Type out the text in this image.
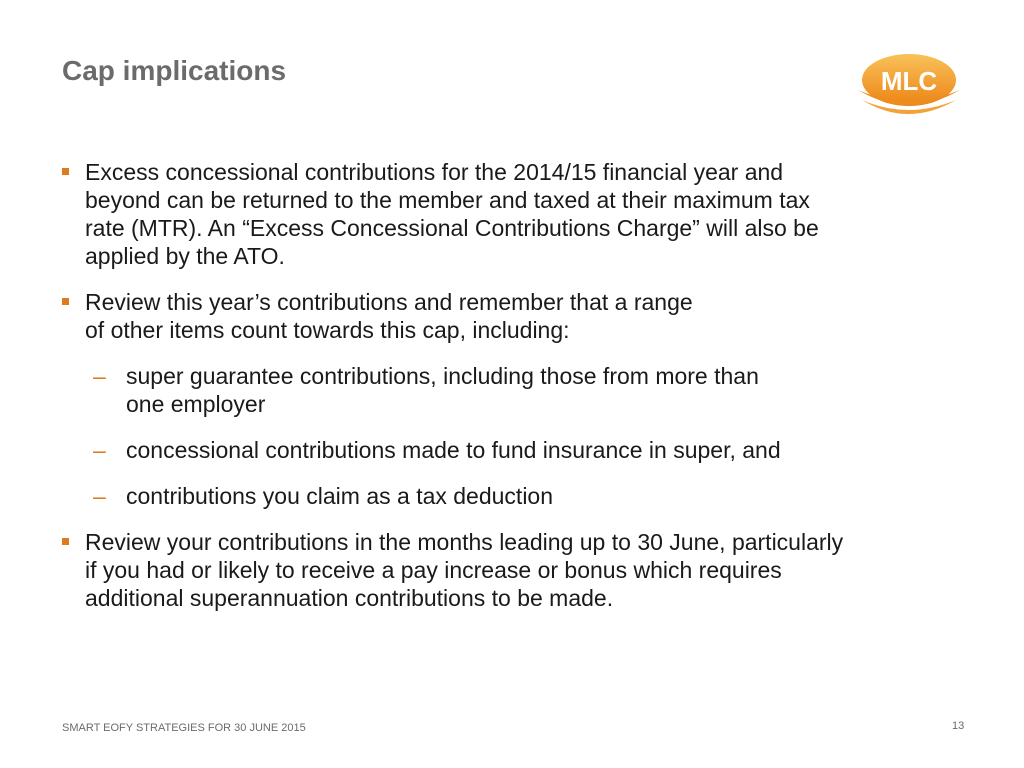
Cap implications	MLC
Excess concessional contributions for the 2014/15 financial year and
beyond can be returned to the member and taxed at their maximum tax
rate (MTR). An “Excess Concessional Contributions Charge” will also be
applied by the ATO.
Review this year’s contributions and remember that a range
of other items count towards this cap, including:
– super guarantee contributions, including those from more than
one employer
– concessional contributions made to fund insurance in super, and
– contributions you claim as a tax deduction
Review your contributions in the months leading up to 30 June, particularly
if you had or likely to receive a pay increase or bonus which requires
additional superannuation contributions to be made.
SMART EOFY STRATEGIES FOR 30 JUNE 2015	13
